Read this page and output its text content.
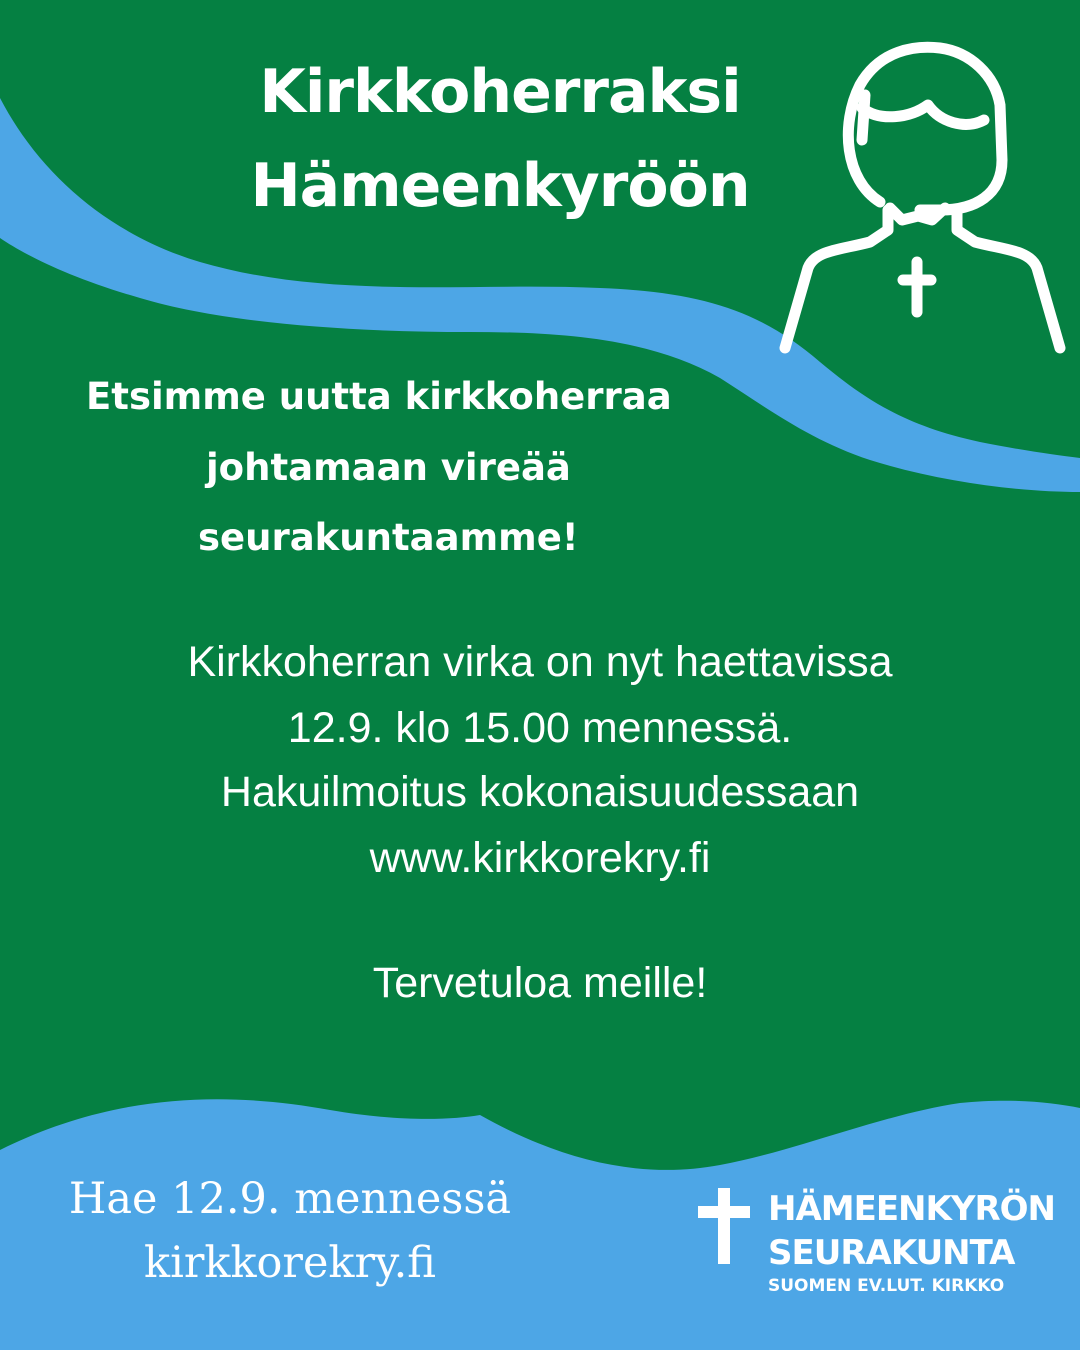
Kirkkoherraksi
Hämeenkyröön
Etsimme uutta kirkkoherraa
johtamaan vireää
seurakuntaamme!
Kirkkoherran virka on nyt haettavissa
12.9. klo 15.00 mennessä.
Hakuilmoitus kokonaisuudessaan
www.kirkkorekry.fi
Tervetuloa meille!
Hae 12.9. mennessä
kirkkorekry.fi
HÄMEENKYRÖN
SEURAKUNTA
SUOMEN EV.LUT. KIRKKO
